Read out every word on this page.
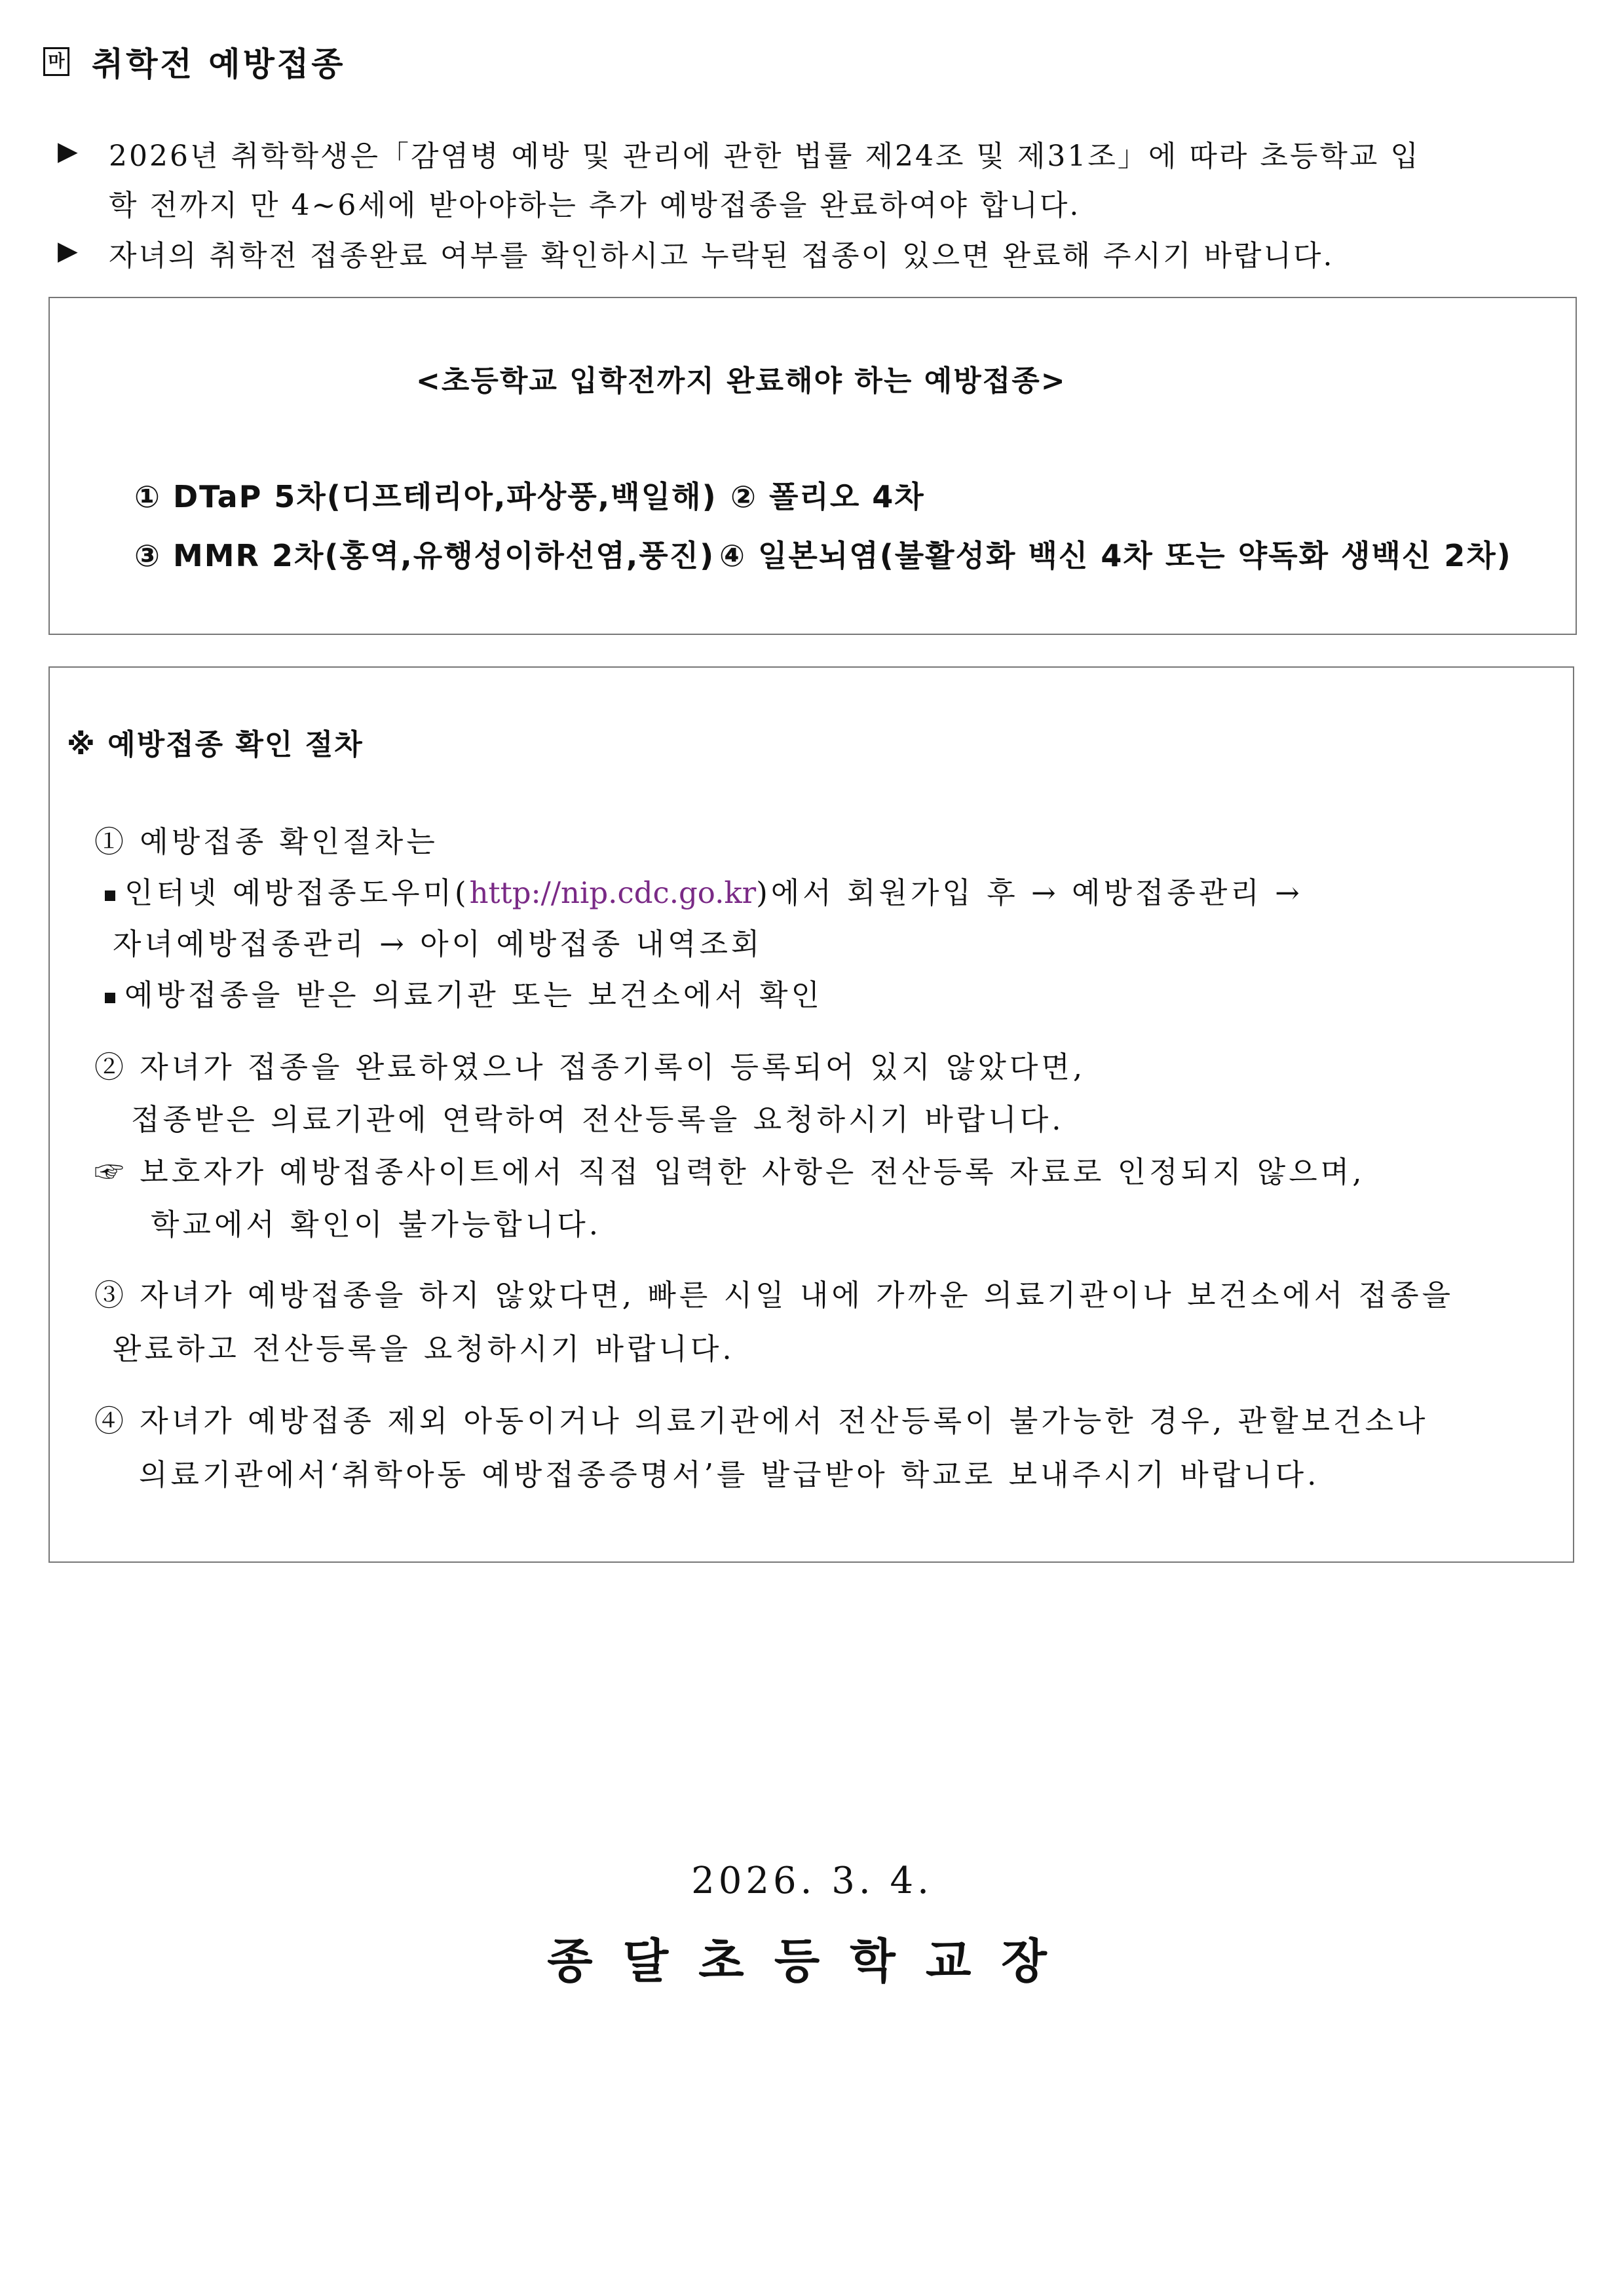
마 취학전 예방접종
▶ 2026년 취학학생은「감염병 예방 및 관리에 관한 법률 제24조 및 제31조」에 따라 초등학교 입
학 전까지 만 4~6세에 받아야하는 추가 예방접종을 완료하여야 합니다.
▶ 자녀의 취학전 접종완료 여부를 확인하시고 누락된 접종이 있으면 완료해 주시기 바랍니다.
<초등학교 입학전까지 완료해야 하는 예방접종>
① DTaP 5차(디프테리아,파상풍,백일해) ② 폴리오 4차
③ MMR 2차(홍역,유행성이하선염,풍진) ④ 일본뇌염(불활성화 백신 4차 또는 약독화 생백신 2차)
※ 예방접종 확인 절차
① 예방접종 확인절차는
인터넷 예방접종도우미(http://nip.cdc.go.kr)에서 회원가입 후 → 예방접종관리 →
자녀예방접종관리 → 아이 예방접종 내역조회
예방접종을 받은 의료기관 또는 보건소에서 확인
② 자녀가 접종을 완료하였으나 접종기록이 등록되어 있지 않았다면,
접종받은 의료기관에 연락하여 전산등록을 요청하시기 바랍니다.
☞ 보호자가 예방접종사이트에서 직접 입력한 사항은 전산등록 자료로 인정되지 않으며,
학교에서 확인이 불가능합니다.
③ 자녀가 예방접종을 하지 않았다면, 빠른 시일 내에 가까운 의료기관이나 보건소에서 접종을
완료하고 전산등록을 요청하시기 바랍니다.
④ 자녀가 예방접종 제외 아동이거나 의료기관에서 전산등록이 불가능한 경우, 관할보건소나
의료기관에서‘취학아동 예방접종증명서’를 발급받아 학교로 보내주시기 바랍니다.
2026. 3. 4.
종달초등학교장
